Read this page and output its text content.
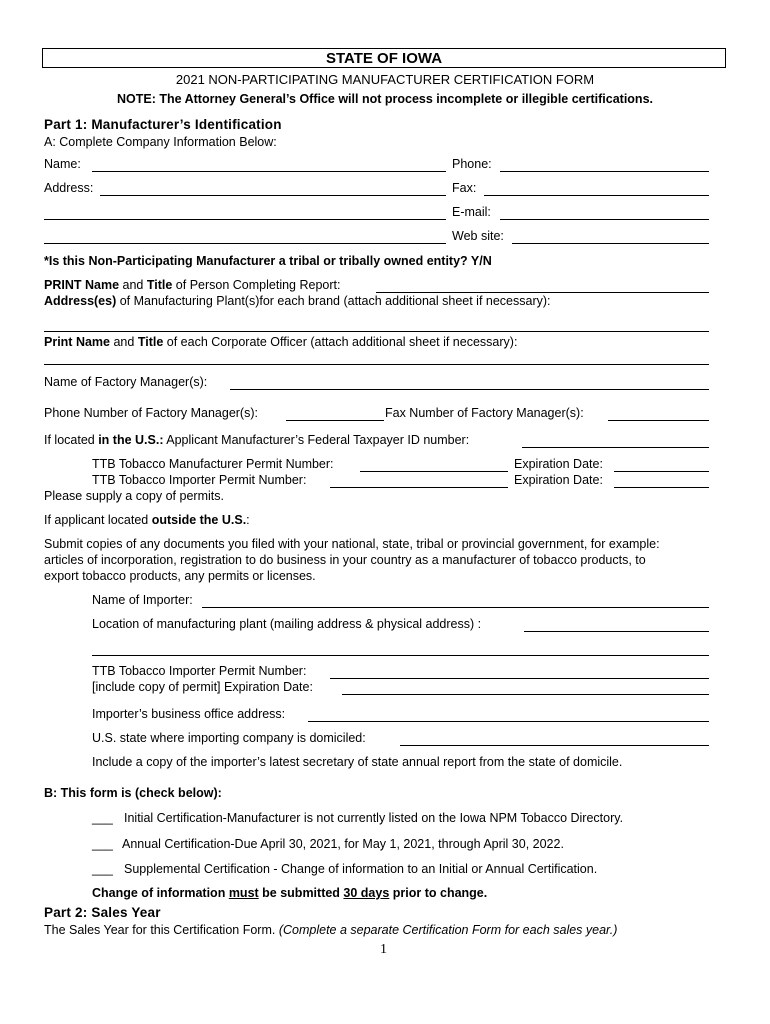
STATE OF IOWA
2021 NON-PARTICIPATING MANUFACTURER CERTIFICATION FORM
NOTE: The Attorney General’s Office will not process incomplete or illegible certifications.
Part 1: Manufacturer’s Identification
A: Complete Company Information Below:
Name:	Phone:
Address:	Fax:
E-mail:
Web site:
*Is this Non-Participating Manufacturer a tribal or tribally owned entity? Y/N
PRINT Name and Title of Person Completing Report:
Address(es) of Manufacturing Plant(s)for each brand (attach additional sheet if necessary):
Print Name and Title of each Corporate Officer (attach additional sheet if necessary):
Name of Factory Manager(s):
Phone Number of Factory Manager(s):	Fax Number of Factory Manager(s):
If located in the U.S.: Applicant Manufacturer’s Federal Taxpayer ID number:
TTB Tobacco Manufacturer Permit Number:	Expiration Date:
TTB Tobacco Importer Permit Number:	Expiration Date:
Please supply a copy of permits.
If applicant located outside the U.S.:
Submit copies of any documents you filed with your national, state, tribal or provincial government, for example:
articles of incorporation, registration to do business in your country as a manufacturer of tobacco products, to
export tobacco products, any permits or licenses.
Name of Importer:
Location of manufacturing plant (mailing address & physical address) :
TTB Tobacco Importer Permit Number:
[include copy of permit] Expiration Date:
Importer’s business office address:
U.S. state where importing company is domiciled:
Include a copy of the importer’s latest secretary of state annual report from the state of domicile.
B: This form is (check below):
___ Initial Certification-Manufacturer is not currently listed on the Iowa NPM Tobacco Directory.
___ Annual Certification-Due April 30, 2021, for May 1, 2021, through April 30, 2022.
___ Supplemental Certification - Change of information to an Initial or Annual Certification.
Change of information must be submitted 30 days prior to change.
Part 2: Sales Year
The Sales Year for this Certification Form. (Complete a separate Certification Form for each sales year.)
1
